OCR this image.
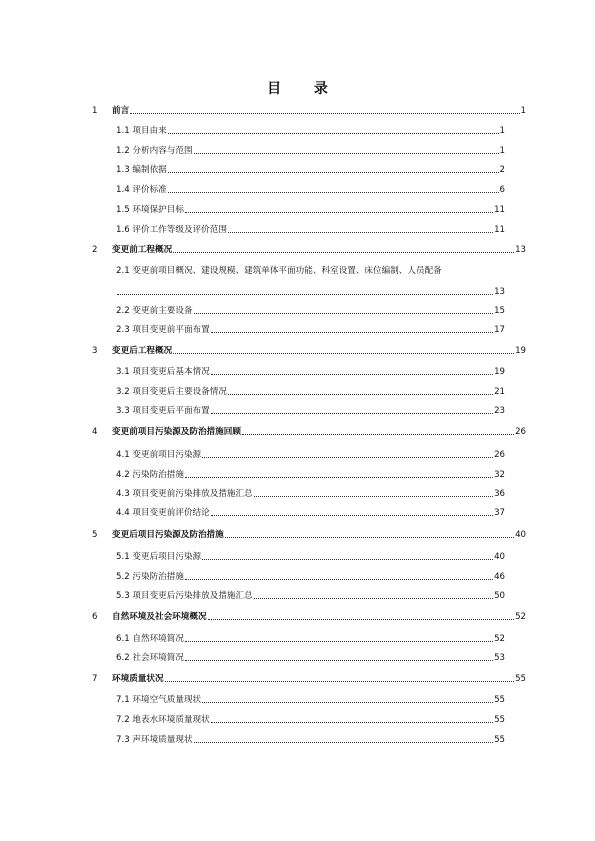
目 录
1 前言	1
1.1 项目由来	1
1.2 分析内容与范围	1
1.3 编制依据	2
1.4 评价标准	6
1.5 环境保护目标	11
1.6 评价工作等级及评价范围	11
2 变更前工程概况	13
2.1 变更前项目概况、建设规模、建筑单体平面功能、科室设置、床位编制、人员配备
13
2.2 变更前主要设备	15
2.3 项目变更前平面布置	17
3 变更后工程概况	19
3.1 项目变更后基本情况	19
3.2 项目变更后主要设备情况	21
3.3 项目变更后平面布置	23
4 变更前项目污染源及防治措施回顾	26
4.1 变更前项目污染源	26
4.2 污染防治措施	32
4.3 项目变更前污染排放及措施汇总	36
4.4 项目变更前评价结论	37
5 变更后项目污染源及防治措施	40
5.1 变更后项目污染源	40
5.2 污染防治措施	46
5.3 项目变更后污染排放及措施汇总	50
6 自然环境及社会环境概况	52
6.1 自然环境简况	52
6.2 社会环境简况	53
7 环境质量状况	55
7.1 环境空气质量现状	55
7.2 地表水环境质量现状	55
7.3 声环境质量现状	55
